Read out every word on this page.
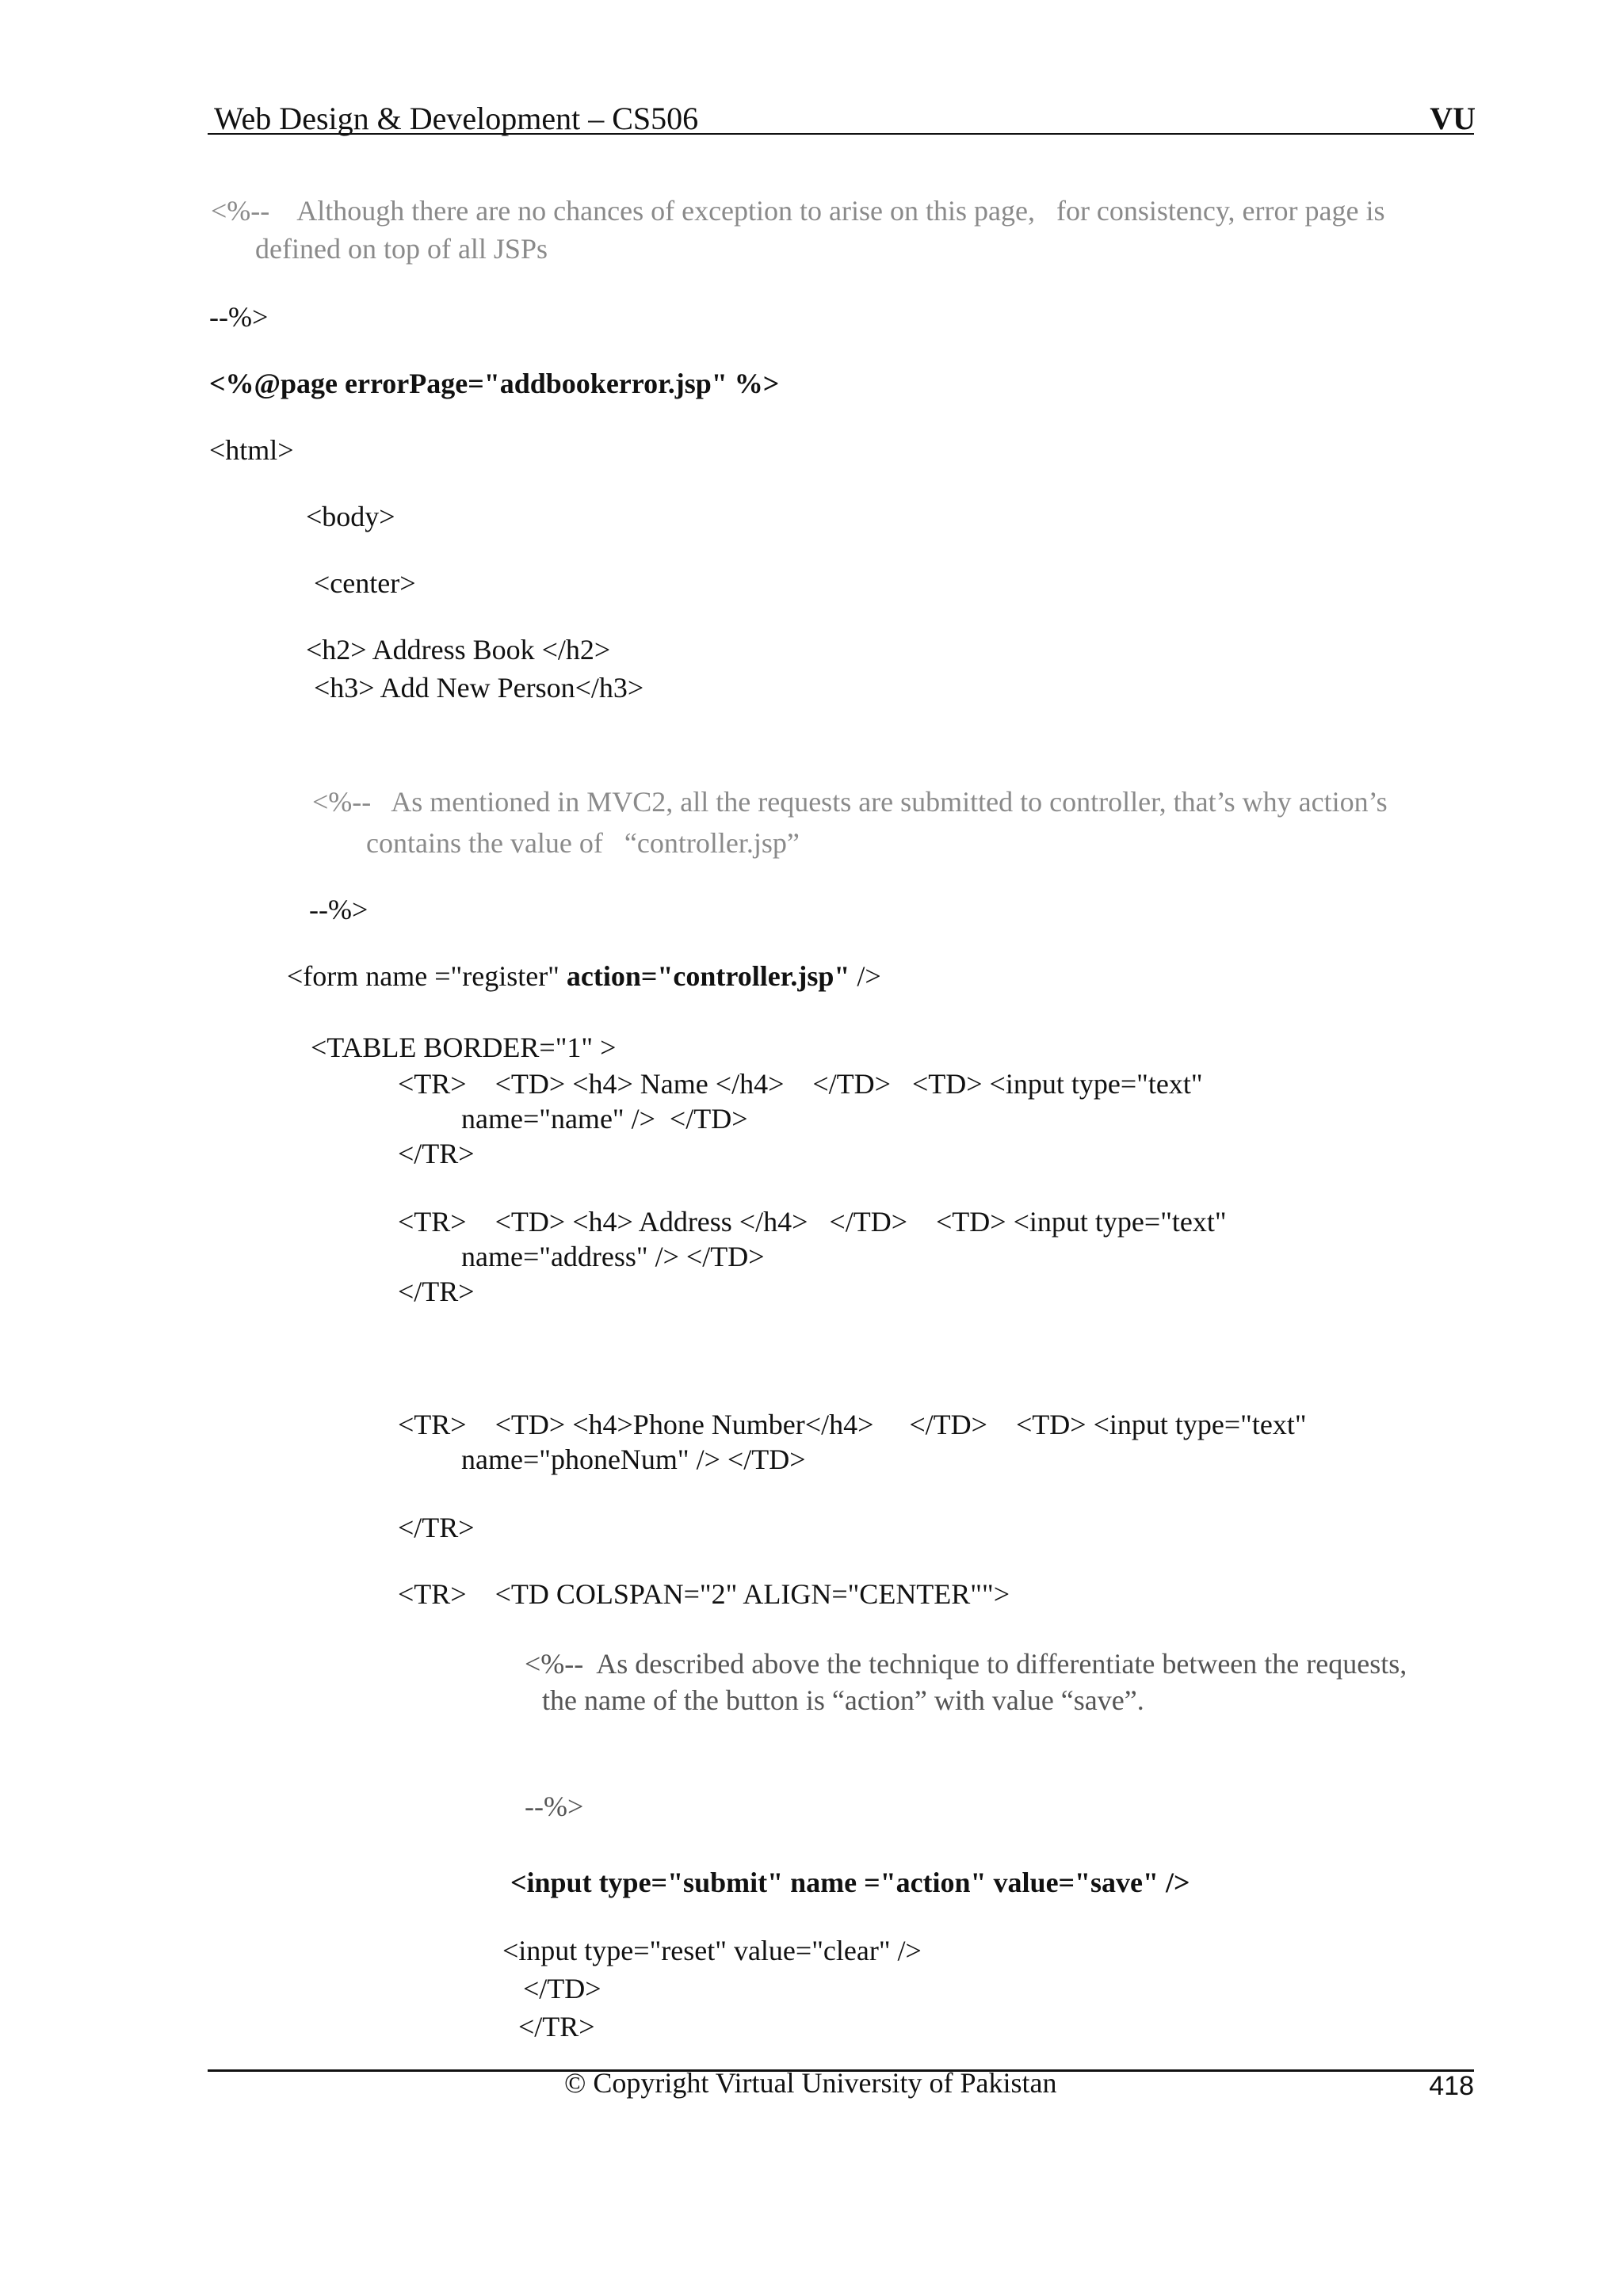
Web Design & Development – CS506	VU
<%--    Although there are no chances of exception to arise on this page,   for consistency, error page is
defined on top of all JSPs
--%>
<%@page errorPage="addbookerror.jsp" %>
<html>
<body>
<center>
<h2> Address Book </h2>
<h3> Add New Person</h3>
<%--   As mentioned in MVC2, all the requests are submitted to controller, that’s why action’s
contains the value of   “controller.jsp”
--%>
<form name ="register" action="controller.jsp" />
<TABLE BORDER="1" >
<TR>    <TD> <h4> Name </h4>    </TD>   <TD> <input type="text"
name="name" />  </TD>
</TR>
<TR>    <TD> <h4> Address </h4>   </TD>    <TD> <input type="text"
name="address" /> </TD>
</TR>
<TR>    <TD> <h4>Phone Number</h4>     </TD>    <TD> <input type="text"
name="phoneNum" /> </TD>
</TR>
<TR>    <TD COLSPAN="2" ALIGN="CENTER"">
<%--  As described above the technique to differentiate between the requests,
the name of the button is “action” with value “save”.
--%>
<input type="submit" name ="action" value="save" />
<input type="reset" value="clear" />
</TD>
</TR>
© Copyright Virtual University of Pakistan	418
